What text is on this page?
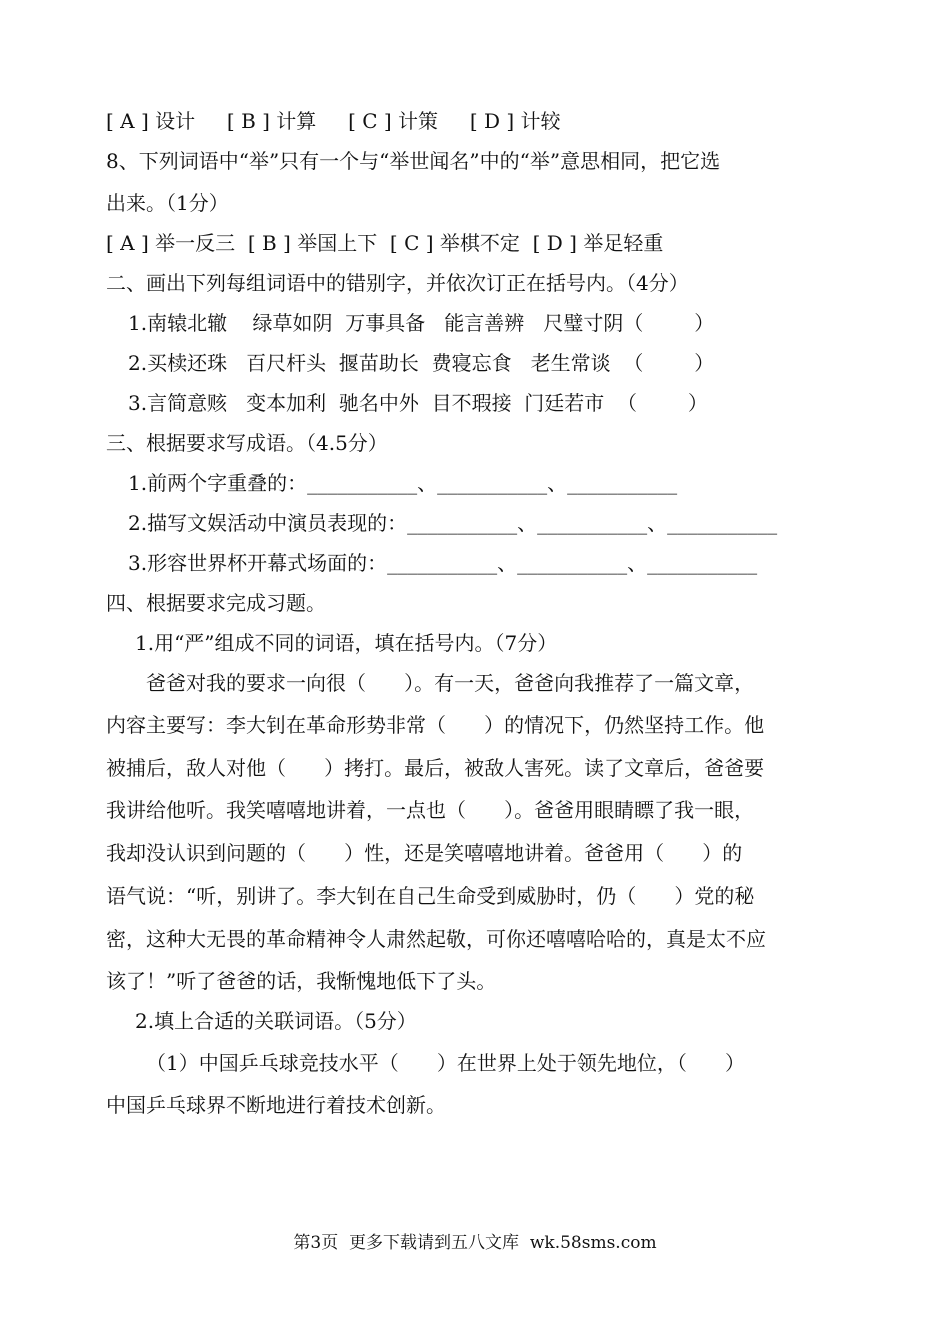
[ A ] 设计     [ B ] 计算     [ C ] 计策     [ D ] 计较
8、下列词语中“举”只有一个与“举世闻名”中的“举”意思相同，把它选
出来。（1分）
[ A ] 举一反三  [ B ] 举国上下  [ C ] 举棋不定  [ D ] 举足轻重
二、画出下列每组词语中的错别字，并依次订正在括号内。（4分）
1.南辕北辙    绿草如阴  万事具备   能言善辨   尺璧寸阴（        ）
2.买椟还珠   百尺杆头  揠苗助长  费寝忘食   老生常谈  （        ）
3.言简意赅   变本加利  驰名中外  目不瑕接  门廷若市  （        ）
三、根据要求写成语。（4.5分）
1.前两个字重叠的：___________、___________、___________
2.描写文娱活动中演员表现的：___________、___________、___________
3.形容世界杯开幕式场面的：___________、___________、___________
四、根据要求完成习题。
1.用“严”组成不同的词语，填在括号内。（7分）
爸爸对我的要求一向很（      ）。有一天，爸爸向我推荐了一篇文章，
内容主要写：李大钊在革命形势非常（      ）的情况下，仍然坚持工作。他
被捕后，敌人对他（      ）拷打。最后，被敌人害死。读了文章后，爸爸要
我讲给他听。我笑嘻嘻地讲着，一点也（      ）。爸爸用眼睛瞟了我一眼，
我却没认识到问题的（      ）性，还是笑嘻嘻地讲着。爸爸用（      ）的
语气说：“听，别讲了。李大钊在自己生命受到威胁时，仍（      ）党的秘
密，这种大无畏的革命精神令人肃然起敬，可你还嘻嘻哈哈的，真是太不应
该了！”听了爸爸的话，我惭愧地低下了头。
2.填上合适的关联词语。（5分）
（1）中国乒乓球竞技水平（      ）在世界上处于领先地位，（      ）
中国乒乓球界不断地进行着技术创新。
第3页  更多下载请到五八文库  wk.58sms.com
